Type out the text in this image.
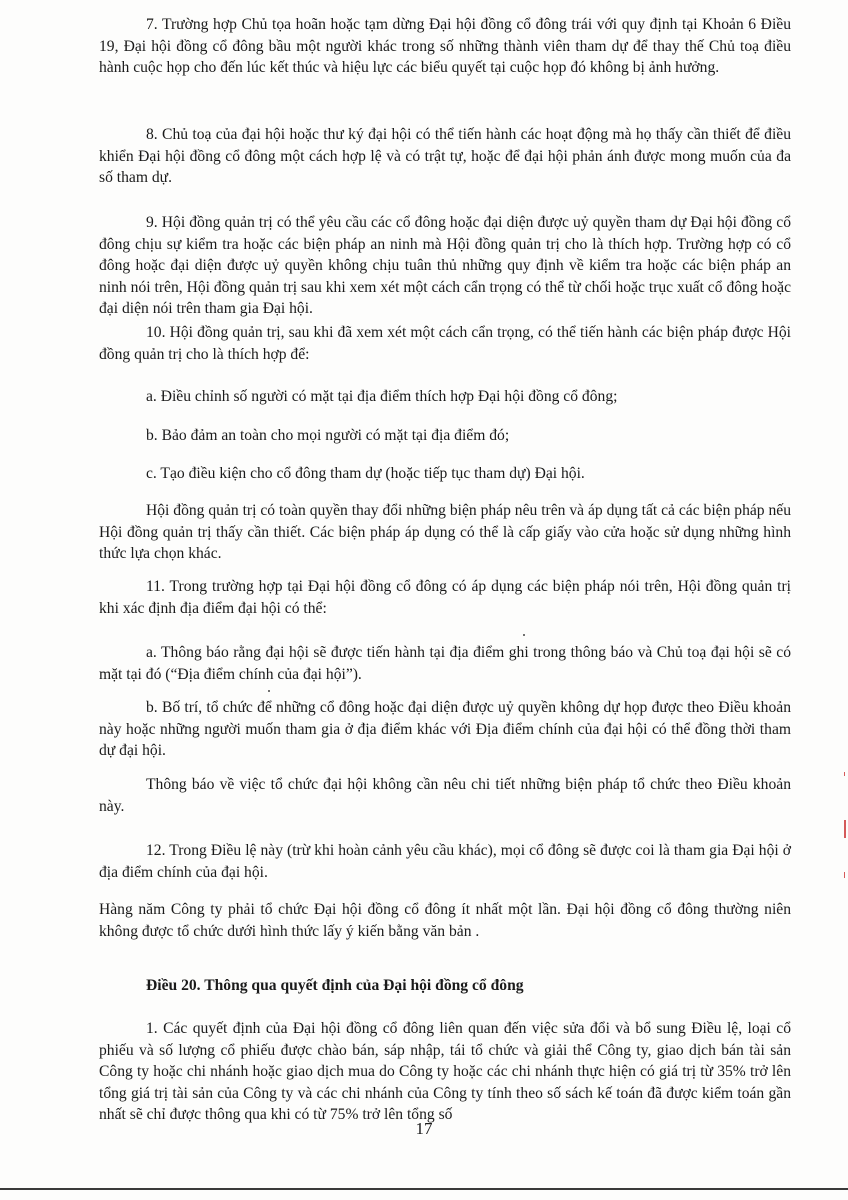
7. Trường hợp Chủ tọa hoãn hoặc tạm dừng Đại hội đồng cổ đông trái với quy định tại Khoản 6 Điều 19, Đại hội đồng cổ đông bầu một người khác trong số những thành viên tham dự để thay thế Chủ toạ điều hành cuộc họp cho đến lúc kết thúc và hiệu lực các biểu quyết tại cuộc họp đó không bị ảnh hưởng.

8. Chủ toạ của đại hội hoặc thư ký đại hội có thể tiến hành các hoạt động mà họ thấy cần thiết để điều khiển Đại hội đồng cổ đông một cách hợp lệ và có trật tự, hoặc để đại hội phản ánh được mong muốn của đa số tham dự.

9. Hội đồng quản trị có thể yêu cầu các cổ đông hoặc đại diện được uỷ quyền tham dự Đại hội đồng cổ đông chịu sự kiểm tra hoặc các biện pháp an ninh mà Hội đồng quản trị cho là thích hợp. Trường hợp có cổ đông hoặc đại diện được uỷ quyền không chịu tuân thủ những quy định về kiểm tra hoặc các biện pháp an ninh nói trên, Hội đồng quản trị sau khi xem xét một cách cẩn trọng có thể từ chối hoặc trục xuất cổ đông hoặc đại diện nói trên tham gia Đại hội.

10. Hội đồng quản trị, sau khi đã xem xét một cách cẩn trọng, có thể tiến hành các biện pháp được Hội đồng quản trị cho là thích hợp để:

a. Điều chỉnh số người có mặt tại địa điểm thích hợp Đại hội đồng cổ đông;

b. Bảo đảm an toàn cho mọi người có mặt tại địa điểm đó;

c. Tạo điều kiện cho cổ đông tham dự (hoặc tiếp tục tham dự) Đại hội.

Hội đồng quản trị có toàn quyền thay đổi những biện pháp nêu trên và áp dụng tất cả các biện pháp nếu Hội đồng quản trị thấy cần thiết. Các biện pháp áp dụng có thể là cấp giấy vào cửa hoặc sử dụng những hình thức lựa chọn khác.

11. Trong trường hợp tại Đại hội đồng cổ đông có áp dụng các biện pháp nói trên, Hội đồng quản trị khi xác định địa điểm đại hội có thể:

a. Thông báo rằng đại hội sẽ được tiến hành tại địa điểm ghi trong thông báo và Chủ toạ đại hội sẽ có mặt tại đó (“Địa điểm chính của đại hội”).

b. Bố trí, tổ chức để những cổ đông hoặc đại diện được uỷ quyền không dự họp được theo Điều khoản này hoặc những người muốn tham gia ở địa điểm khác với Địa điểm chính của đại hội có thể đồng thời tham dự đại hội.

Thông báo về việc tổ chức đại hội không cần nêu chi tiết những biện pháp tổ chức theo Điều khoản này.

12. Trong Điều lệ này (trừ khi hoàn cảnh yêu cầu khác), mọi cổ đông sẽ được coi là tham gia Đại hội ở địa điểm chính của đại hội.

Hàng năm Công ty phải tổ chức Đại hội đồng cổ đông ít nhất một lần. Đại hội đồng cổ đông thường niên không được tổ chức dưới hình thức lấy ý kiến bằng văn bản .

Điều 20. Thông qua quyết định của Đại hội đồng cổ đông

1. Các quyết định của Đại hội đồng cổ đông liên quan đến việc sửa đổi và bổ sung Điều lệ, loại cổ phiếu và số lượng cổ phiếu được chào bán, sáp nhập, tái tổ chức và giải thể Công ty, giao dịch bán tài sản Công ty hoặc chi nhánh hoặc giao dịch mua do Công ty hoặc các chi nhánh thực hiện có giá trị từ 35% trở lên tổng giá trị tài sản của Công ty và các chi nhánh của Công ty tính theo số sách kế toán đã được kiểm toán gần nhất sẽ chỉ được thông qua khi có từ 75% trở lên tổng số

17
